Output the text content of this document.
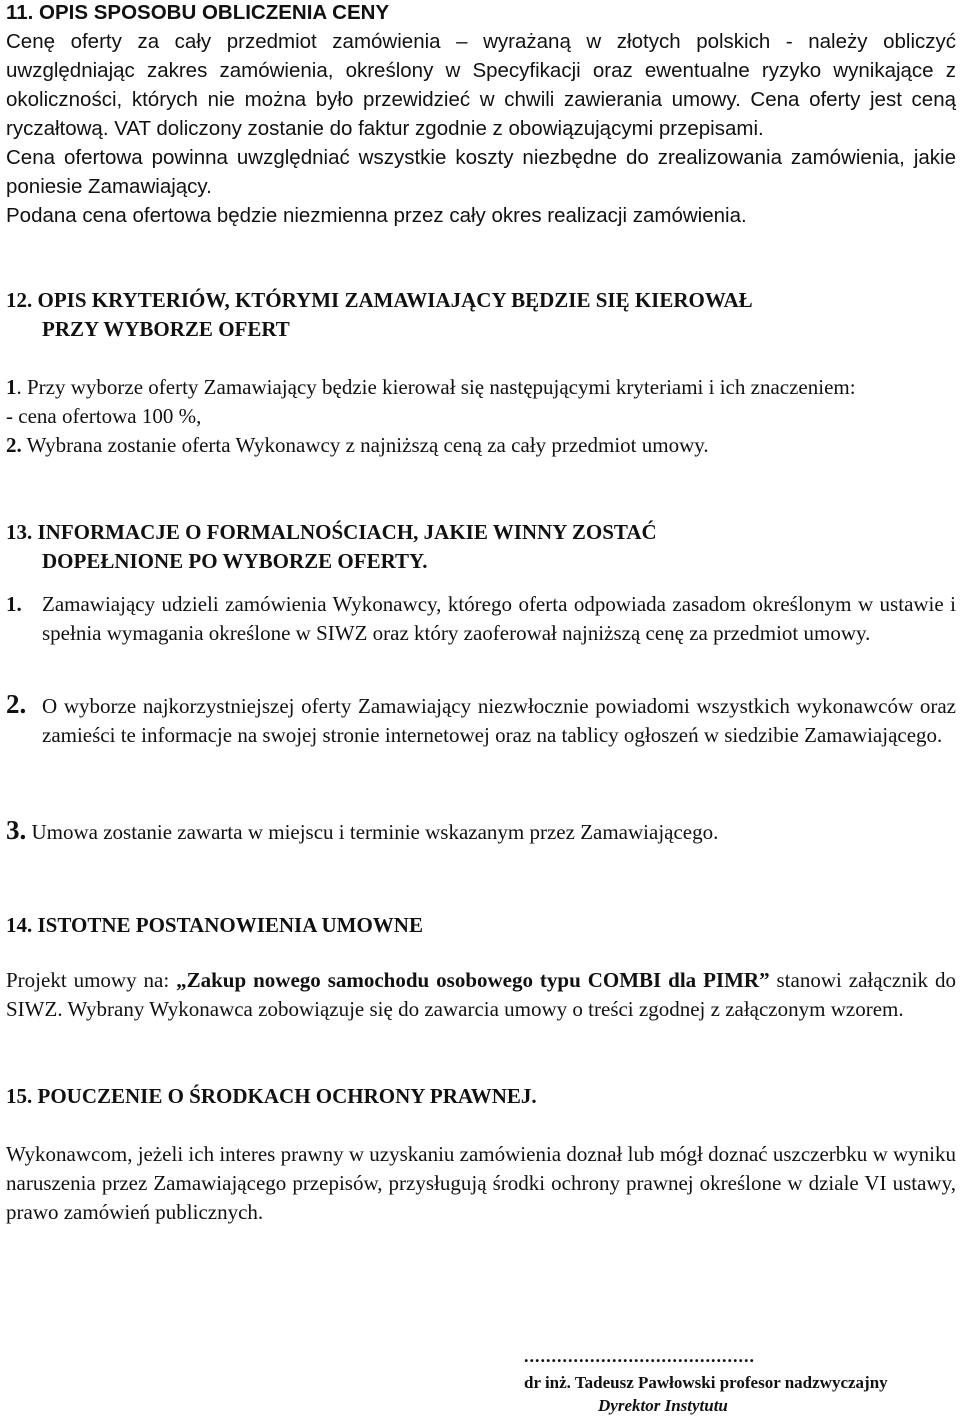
11. OPIS SPOSOBU OBLICZENIA CENY

Cenę oferty za cały przedmiot zamówienia – wyrażaną w złotych polskich - należy obliczyć uwzględniając zakres zamówienia, określony w Specyfikacji oraz ewentualne ryzyko wynikające z okoliczności, których nie można było przewidzieć w chwili zawierania umowy. Cena oferty jest ceną ryczałtową. VAT doliczony zostanie do faktur zgodnie z obowiązującymi przepisami.

Cena ofertowa powinna uwzględniać wszystkie koszty niezbędne do zrealizowania zamówienia, jakie poniesie Zamawiający.

Podana cena ofertowa będzie niezmienna przez cały okres realizacji zamówienia.

12. OPIS KRYTERIÓW, KTÓRYMI ZAMAWIAJĄCY BĘDZIE SIĘ KIEROWAŁ

PRZY WYBORZE OFERT

1. Przy wyborze oferty Zamawiający będzie kierował się następującymi kryteriami i ich znaczeniem:

- cena ofertowa 100 %,

2. Wybrana zostanie oferta Wykonawcy z najniższą ceną za cały przedmiot umowy.

13. INFORMACJE O FORMALNOŚCIACH, JAKIE WINNY ZOSTAĆ

DOPEŁNIONE PO WYBORZE OFERTY.

1. Zamawiający udzieli zamówienia Wykonawcy, którego oferta odpowiada zasadom określonym w ustawie i spełnia wymagania określone w SIWZ oraz który zaoferował najniższą cenę za przedmiot umowy.

2. O wyborze najkorzystniejszej oferty Zamawiający niezwłocznie powiadomi wszystkich wykonawców oraz zamieści te informacje na swojej stronie internetowej oraz na tablicy ogłoszeń w siedzibie Zamawiającego.

3. Umowa zostanie zawarta w miejscu i terminie wskazanym przez Zamawiającego.

14. ISTOTNE POSTANOWIENIA UMOWNE

Projekt umowy na: „Zakup nowego samochodu osobowego typu COMBI dla PIMR” stanowi załącznik do SIWZ. Wybrany Wykonawca zobowiązuje się do zawarcia umowy o treści zgodnej z załączonym wzorem.

15. POUCZENIE O ŚRODKACH OCHRONY PRAWNEJ.
Wykonawcom, jeżeli ich interes prawny w uzyskaniu zamówienia doznał lub mógł doznać uszczerbku w wyniku naruszenia przez Zamawiającego przepisów, przysługują środki ochrony prawnej określone w dziale VI ustawy, prawo zamówień publicznych.
..........................................
dr inż. Tadeusz Pawłowski profesor nadzwyczajny
Dyrektor Instytutu
